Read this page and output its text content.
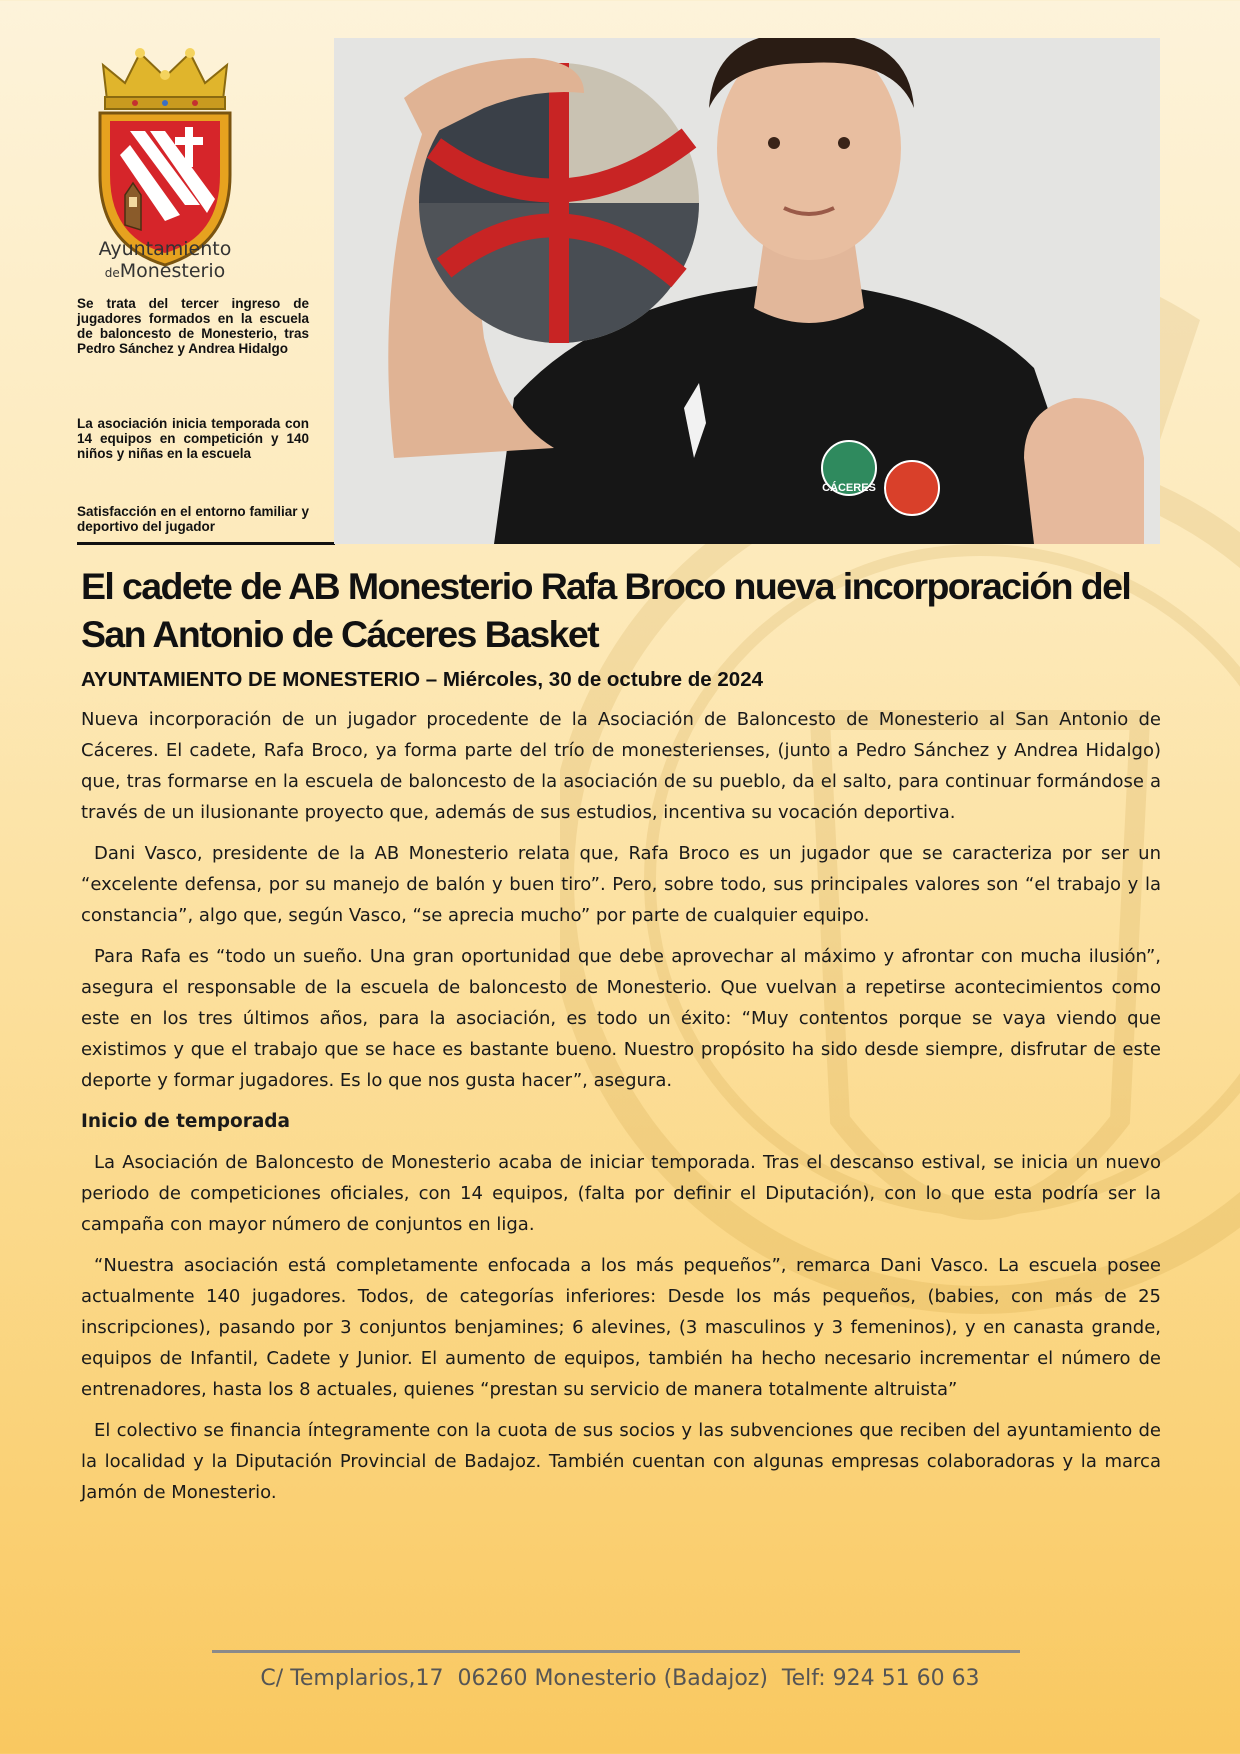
Ayuntamiento
deMonesterio
Se trata del tercer ingreso de jugadores formados en la escuela de baloncesto de Monesterio, tras Pedro Sánchez y Andrea Hidalgo
La asociación inicia temporada con 14 equipos en competición y 140 niños y niñas en la escuela
Satisfacción en el entorno familiar y deportivo del jugador
CÁCERES
El cadete de AB Monesterio Rafa Broco nueva incorporación del San Antonio de Cáceres Basket

AYUNTAMIENTO DE MONESTERIO – Miércoles, 30 de octubre de 2024

Nueva incorporación de un jugador procedente de la Asociación de Baloncesto de Monesterio al San Antonio de Cáceres. El cadete, Rafa Broco, ya forma parte del trío de monesterienses, (junto a Pedro Sánchez y Andrea Hidalgo) que, tras formarse en la escuela de baloncesto de la asociación de su pueblo, da el salto, para continuar formándose a través de un ilusionante proyecto que, además de sus estudios, incentiva su vocación deportiva.

Dani Vasco, presidente de la AB Monesterio relata que, Rafa Broco es un jugador que se caracteriza por ser un “excelente defensa, por su manejo de balón y buen tiro”. Pero, sobre todo, sus principales valores son “el trabajo y la constancia”, algo que, según Vasco, “se aprecia mucho” por parte de cualquier equipo.

Para Rafa es “todo un sueño. Una gran oportunidad que debe aprovechar al máximo y afrontar con mucha ilusión”, asegura el responsable de la escuela de baloncesto de Monesterio. Que vuelvan a repetirse acontecimientos como este en los tres últimos años, para la asociación, es todo un éxito: “Muy contentos porque se vaya viendo que existimos y que el trabajo que se hace es bastante bueno. Nuestro propósito ha sido desde siempre, disfrutar de este deporte y formar jugadores. Es lo que nos gusta hacer”, asegura.

Inicio de temporada

La Asociación de Baloncesto de Monesterio acaba de iniciar temporada. Tras el descanso estival, se inicia un nuevo periodo de competiciones oficiales, con 14 equipos, (falta por definir el Diputación), con lo que esta podría ser la campaña con mayor número de conjuntos en liga.

“Nuestra asociación está completamente enfocada a los más pequeños”, remarca Dani Vasco. La escuela posee actualmente 140 jugadores. Todos, de categorías inferiores: Desde los más pequeños, (babies, con más de 25 inscripciones), pasando por 3 conjuntos benjamines; 6 alevines, (3 masculinos y 3 femeninos), y en canasta grande, equipos de Infantil, Cadete y Junior. El aumento de equipos, también ha hecho necesario incrementar el número de entrenadores, hasta los 8 actuales, quienes “prestan su servicio de manera totalmente altruista”

El colectivo se financia íntegramente con la cuota de sus socios y las subvenciones que reciben del ayuntamiento de la localidad y la Diputación Provincial de Badajoz. También cuentan con algunas empresas colaboradoras y la marca Jamón de Monesterio.

C/ Templarios,17  06260 Monesterio (Badajoz)  Telf: 924 51 60 63
